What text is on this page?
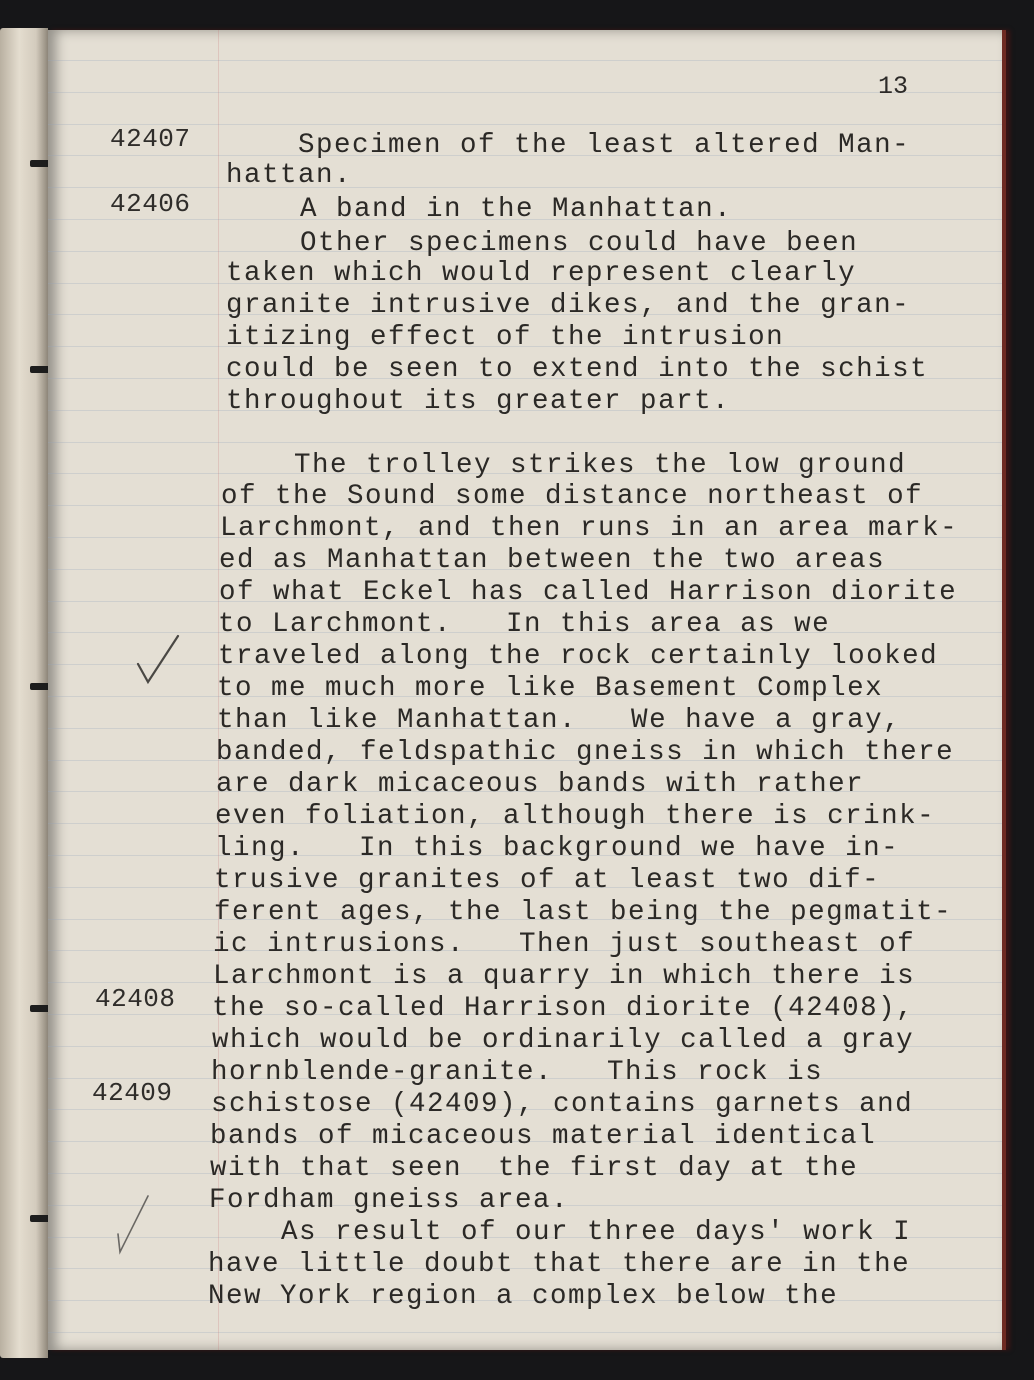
13
42407
42406
42408
42409
Specimen of the least altered Man-
hattan.
A band in the Manhattan.
Other specimens could have been
taken which would represent clearly
granite intrusive dikes, and the gran-
itizing effect of the intrusion
could be seen to extend into the schist
throughout its greater part.
The trolley strikes the low ground
of the Sound some distance northeast of
Larchmont, and then runs in an area mark-
ed as Manhattan between the two areas
of what Eckel has called Harrison diorite
to Larchmont.   In this area as we
traveled along the rock certainly looked
to me much more like Basement Complex
than like Manhattan.   We have a gray,
banded, feldspathic gneiss in which there
are dark micaceous bands with rather
even foliation, although there is crink-
ling.   In this background we have in-
trusive granites of at least two dif-
ferent ages, the last being the pegmatit-
ic intrusions.   Then just southeast of
Larchmont is a quarry in which there is
the so-called Harrison diorite (42408),
which would be ordinarily called a gray
hornblende-granite.   This rock is
schistose (42409), contains garnets and
bands of micaceous material identical
with that seen  the first day at the
Fordham gneiss area.
As result of our three days' work I
have little doubt that there are in the
New York region a complex below the
